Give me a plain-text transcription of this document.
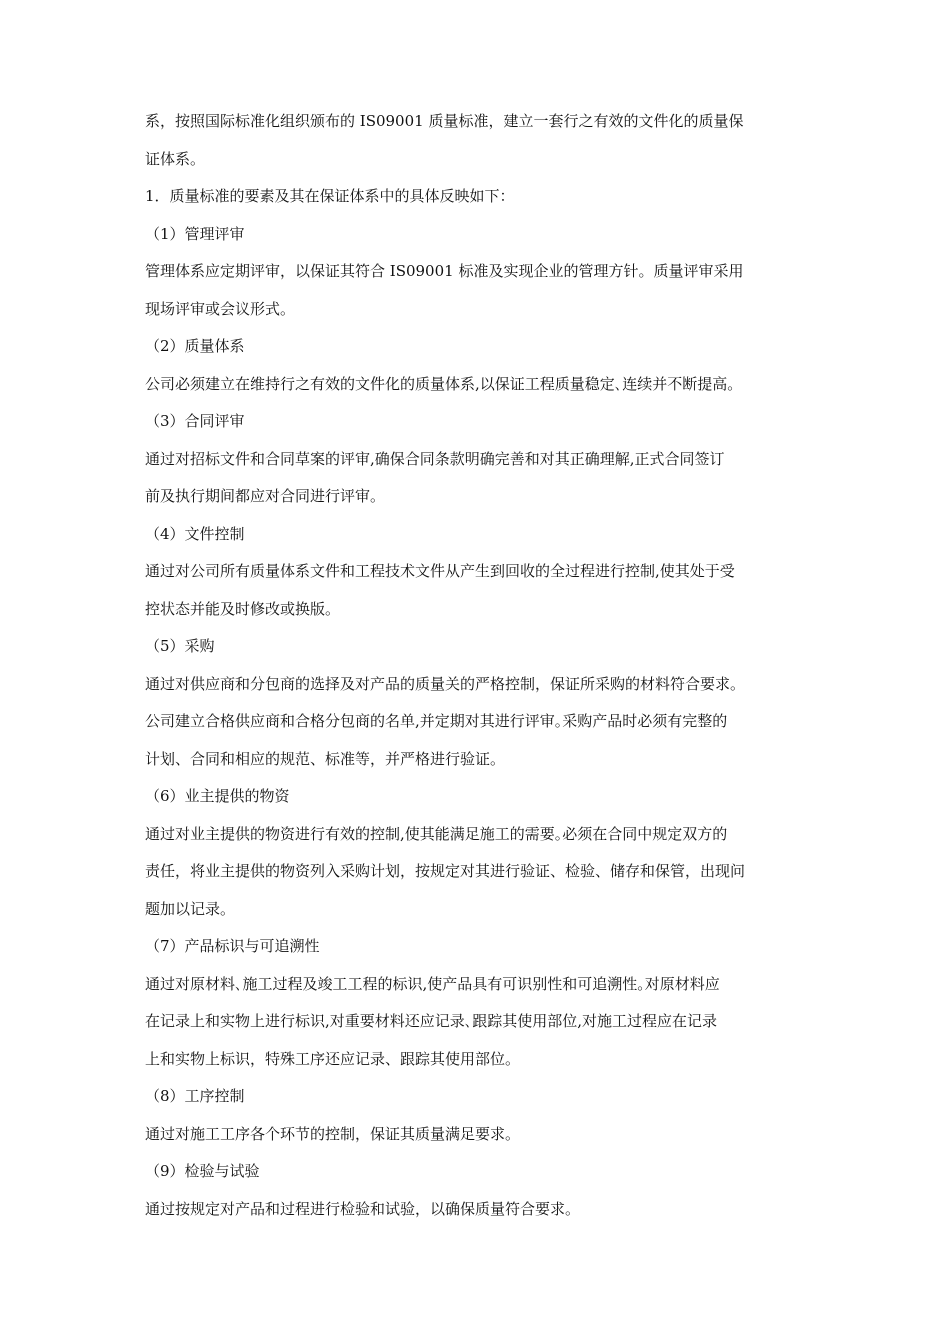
系，按照国际标准化组织颁布的 IS09001 质量标准，建立一套行之有效的文件化的质量保
证体系。

1．质量标准的要素及其在保证体系中的具体反映如下：

（1）管理评审

管理体系应定期评审，以保证其符合 IS09001 标准及实现企业的管理方针。质量评审采用
现场评审或会议形式。

（2）质量体系

公司必须建立在维持行之有效的文件化的质量体系,以保证工程质量稳定､连续并不断提高。

（3）合同评审

通过对招标文件和合同草案的评审,确保合同条款明确完善和对其正确理解,正式合同签订
前及执行期间都应对合同进行评审。

（4）文件控制

通过对公司所有质量体系文件和工程技术文件从产生到回收的全过程进行控制,使其处于受
控状态并能及时修改或换版。

（5）采购

通过对供应商和分包商的选择及对产品的质量关的严格控制，保证所采购的材料符合要求。
公司建立合格供应商和合格分包商的名单,并定期对其进行评审｡采购产品时必须有完整的
计划、合同和相应的规范、标准等，并严格进行验证。

（6）业主提供的物资

通过对业主提供的物资进行有效的控制,使其能满足施工的需要｡必须在合同中规定双方的
责任，将业主提供的物资列入采购计划，按规定对其进行验证、检验、储存和保管，出现问
题加以记录。

（7）产品标识与可追溯性

通过对原材料､施工过程及竣工工程的标识,使产品具有可识别性和可追溯性｡对原材料应
在记录上和实物上进行标识,对重要材料还应记录､跟踪其使用部位,对施工过程应在记录
上和实物上标识，特殊工序还应记录、跟踪其使用部位。

（8）工序控制

通过对施工工序各个环节的控制，保证其质量满足要求。

（9）检验与试验

通过按规定对产品和过程进行检验和试验，以确保质量符合要求。
